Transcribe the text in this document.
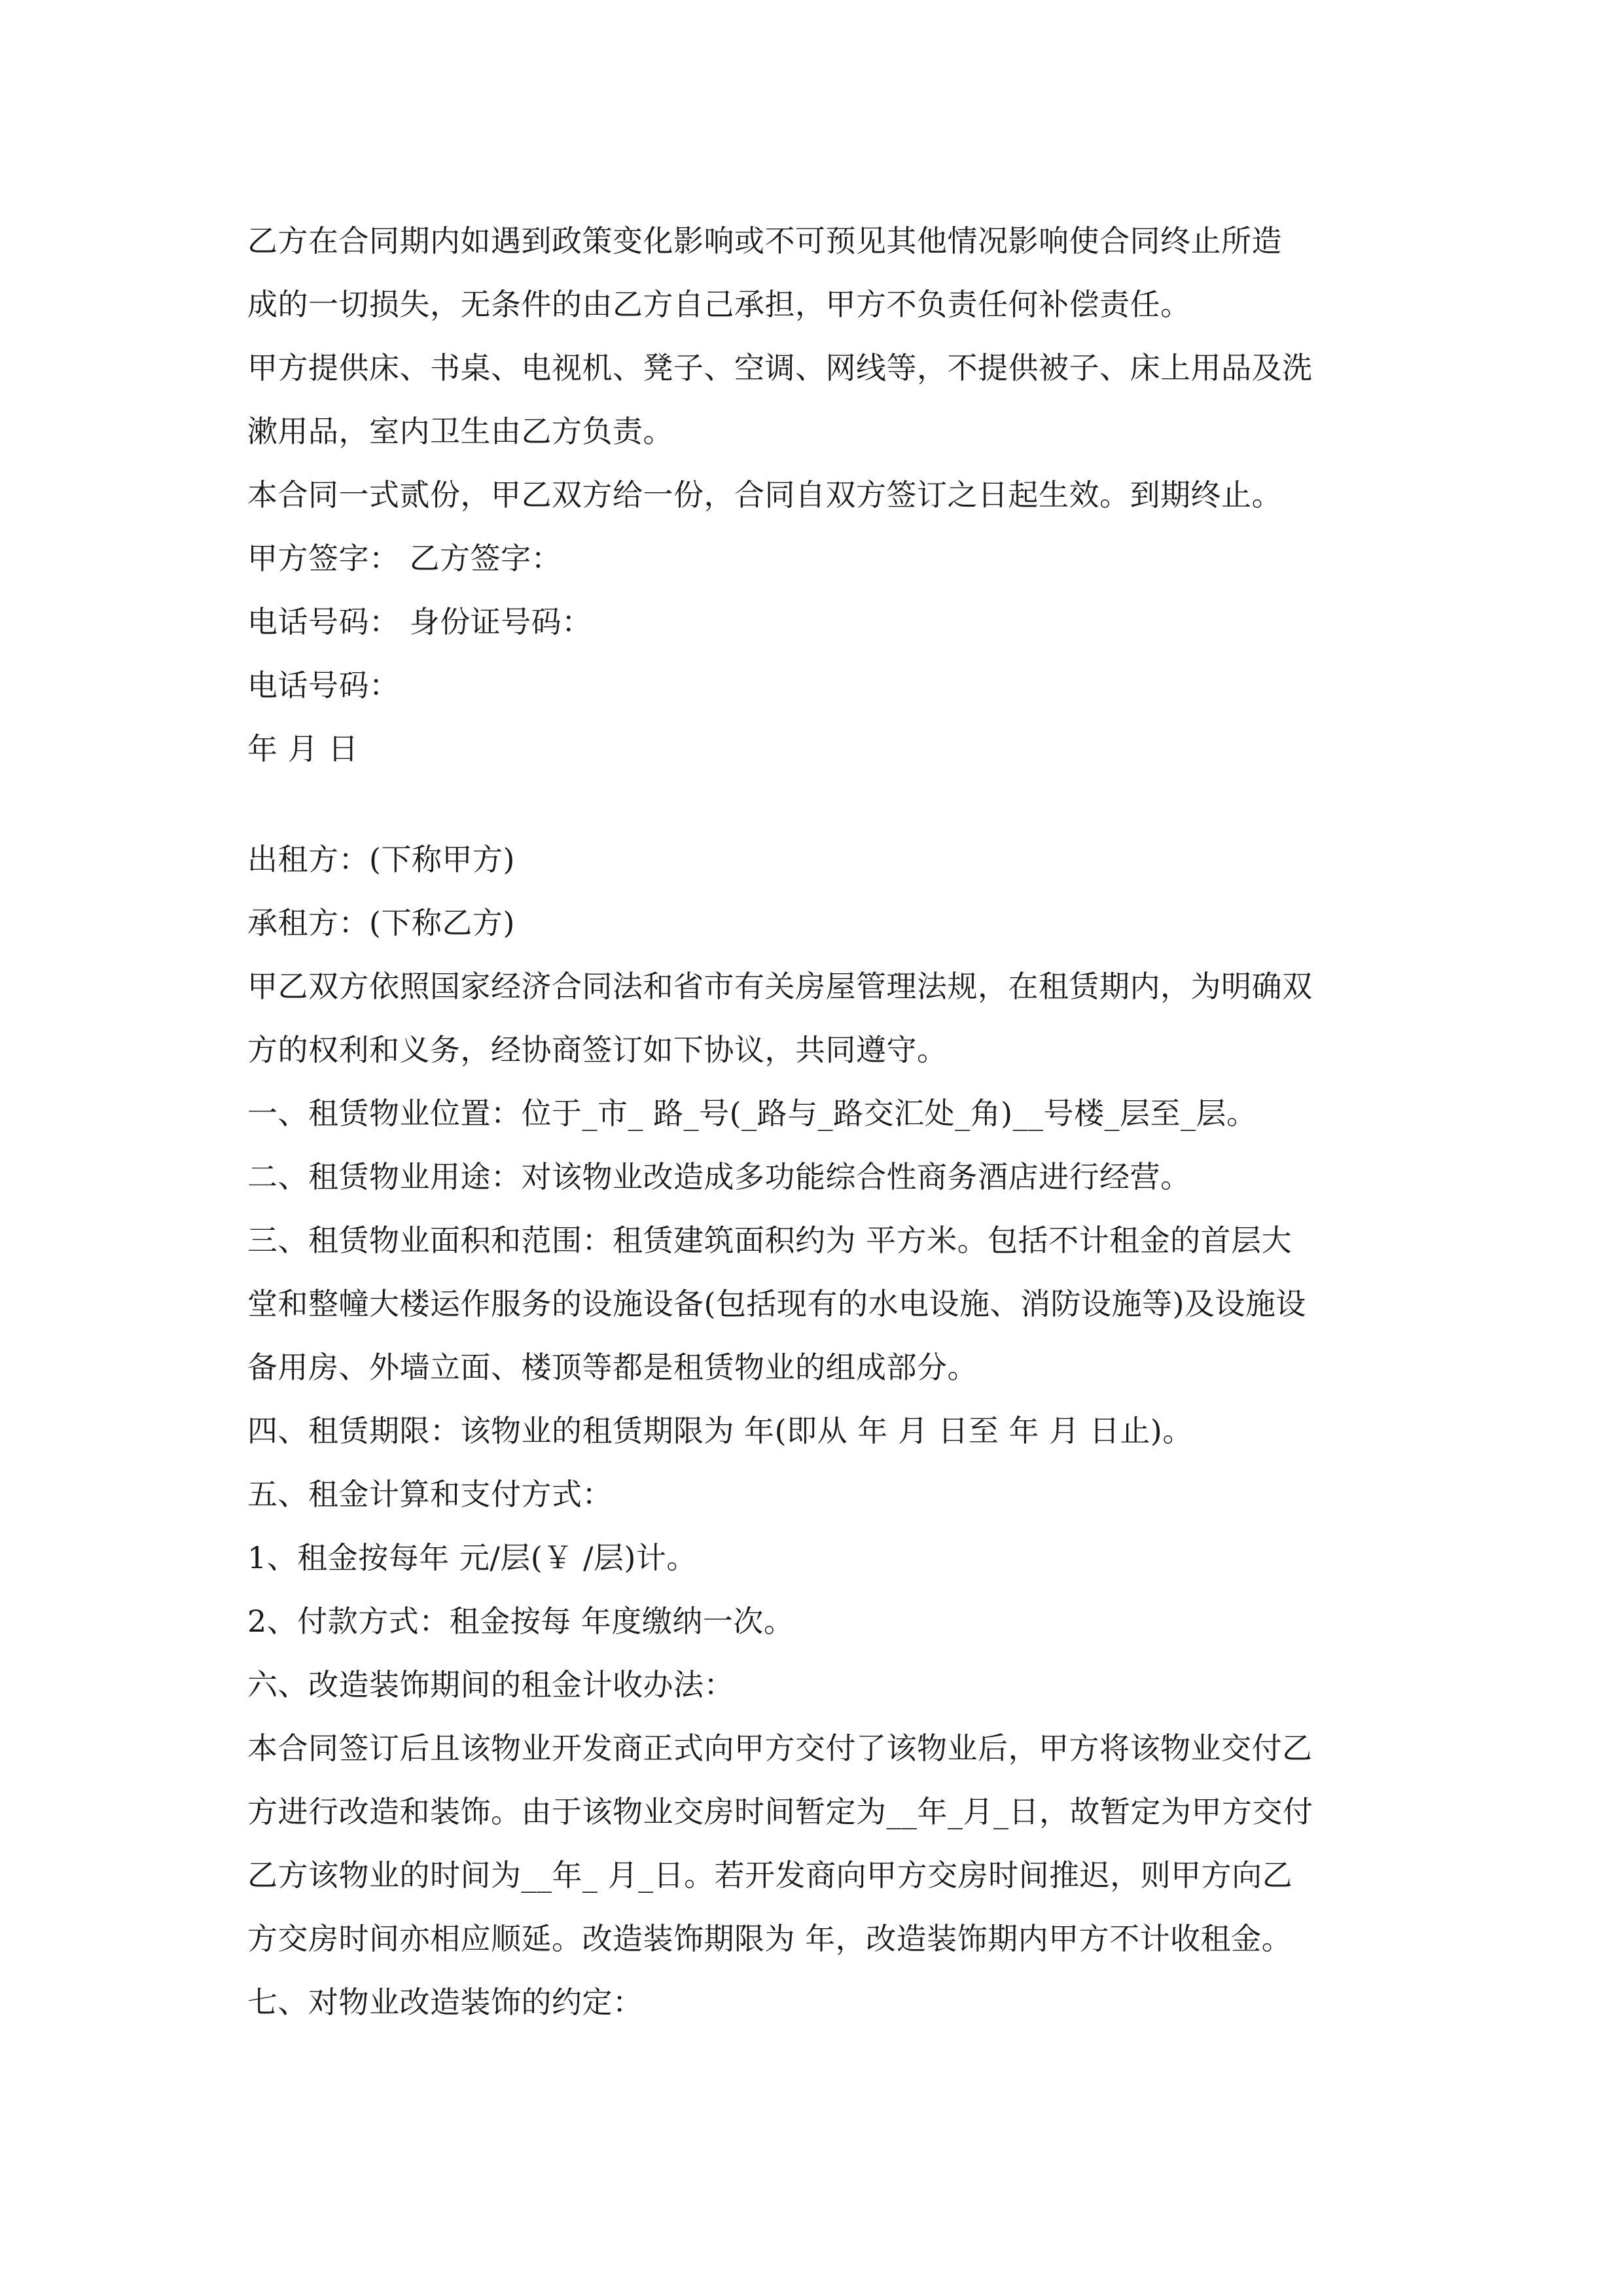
乙方在合同期内如遇到政策变化影响或不可预见其他情况影响使合同终止所造
成的一切损失，无条件的由乙方自己承担，甲方不负责任何补偿责任。
甲方提供床、书桌、电视机、凳子、空调、网线等，不提供被子、床上用品及洗
漱用品，室内卫生由乙方负责。
本合同一式贰份，甲乙双方给一份，合同自双方签订之日起生效。到期终止。
甲方签字： 乙方签字：
电话号码： 身份证号码：
电话号码：
年 月 日
出租方：(下称甲方)
承租方：(下称乙方)
甲乙双方依照国家经济合同法和省市有关房屋管理法规，在租赁期内，为明确双
方的权利和义务，经协商签订如下协议，共同遵守。
一、租赁物业位置：位于_市_ 路_号(_路与_路交汇处_角)__号楼_层至_层。
二、租赁物业用途：对该物业改造成多功能综合性商务酒店进行经营。
三、租赁物业面积和范围：租赁建筑面积约为 平方米。包括不计租金的首层大
堂和整幢大楼运作服务的设施设备(包括现有的水电设施、消防设施等)及设施设
备用房、外墙立面、楼顶等都是租赁物业的组成部分。
四、租赁期限：该物业的租赁期限为 年(即从 年 月 日至 年 月 日止)。
五、租金计算和支付方式：
1、租金按每年 元/层(￥ /层)计。
2、付款方式：租金按每 年度缴纳一次。
六、改造装饰期间的租金计收办法：
本合同签订后且该物业开发商正式向甲方交付了该物业后，甲方将该物业交付乙
方进行改造和装饰。由于该物业交房时间暂定为__年_月_日，故暂定为甲方交付
乙方该物业的时间为__年_ 月_日。若开发商向甲方交房时间推迟，则甲方向乙
方交房时间亦相应顺延。改造装饰期限为 年，改造装饰期内甲方不计收租金。
七、对物业改造装饰的约定：
